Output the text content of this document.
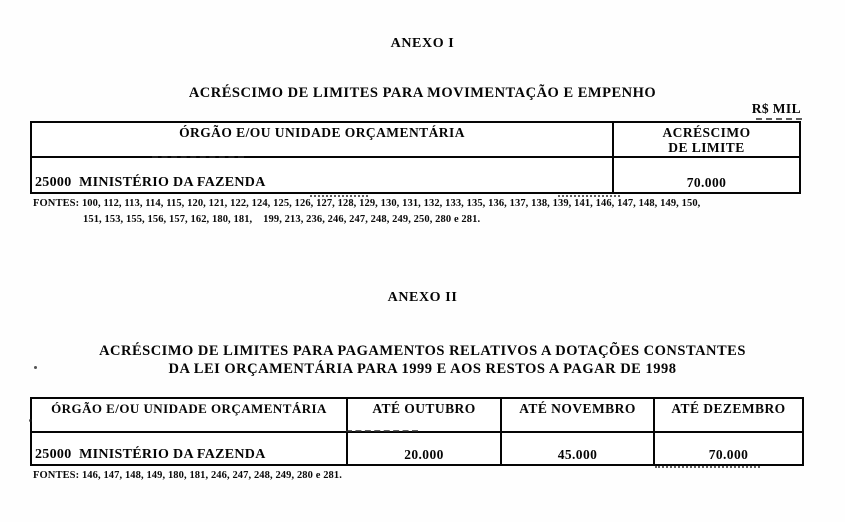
ANEXO I
ACRÉSCIMO DE LIMITES PARA MOVIMENTAÇÃO E EMPENHO
R$ MIL
ÓRGÃO E/OU UNIDADE ORÇAMENTÁRIA	ACRÉSCIMO
DE LIMITE
25000  MINISTÉRIO DA FAZENDA	70.000
FONTES: 100, 112, 113, 114, 115, 120, 121, 122, 124, 125, 126, 127, 128, 129, 130, 131, 132, 133, 135, 136, 137, 138, 139, 141, 146, 147, 148, 149, 150,
151, 153, 155, 156, 157, 162, 180, 181,    199, 213, 236, 246, 247, 248, 249, 250, 280 e 281.
ANEXO II
ACRÉSCIMO DE LIMITES PARA PAGAMENTOS RELATIVOS A DOTAÇÕES CONSTANTES
DA LEI ORÇAMENTÁRIA PARA 1999 E AOS RESTOS A PAGAR DE 1998
ÓRGÃO E/OU UNIDADE ORÇAMENTÁRIA	ATÉ OUTUBRO	ATÉ NOVEMBRO	ATÉ DEZEMBRO
25000  MINISTÉRIO DA FAZENDA	20.000	45.000	70.000
FONTES: 146, 147, 148, 149, 180, 181, 246, 247, 248, 249, 280 e 281.
